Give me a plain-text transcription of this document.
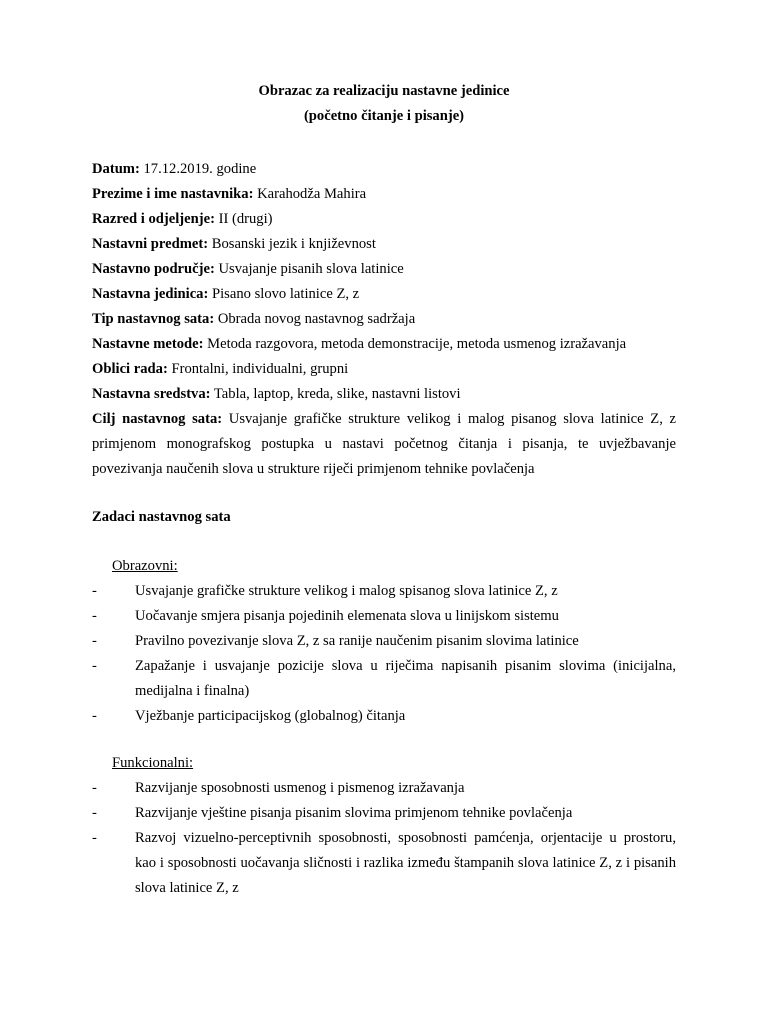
Obrazac za realizaciju nastavne jedinice

(početno čitanje i pisanje)

Datum: 17.12.2019. godine

Prezime i ime nastavnika: Karahodža Mahira

Razred i odjeljenje: II (drugi)

Nastavni predmet: Bosanski jezik i književnost

Nastavno područje: Usvajanje pisanih slova latinice

Nastavna jedinica: Pisano slovo latinice Z, z

Tip nastavnog sata: Obrada novog nastavnog sadržaja

Nastavne metode: Metoda razgovora, metoda demonstracije, metoda usmenog izražavanja

Oblici rada: Frontalni, individualni, grupni

Nastavna sredstva: Tabla, laptop, kreda, slike, nastavni listovi

Cilj nastavnog sata: Usvajanje grafičke strukture velikog i malog pisanog slova latinice Z, z primjenom monografskog postupka u nastavi početnog čitanja i pisanja, te uvježbavanje povezivanja naučenih slova u strukture riječi primjenom tehnike povlačenja

Zadaci nastavnog sata

Obrazovni:
-	Usvajanje grafičke strukture velikog i malog spisanog slova latinice Z, z
-	Uočavanje smjera pisanja pojedinih elemenata slova u linijskom sistemu
-	Pravilno povezivanje slova Z, z sa ranije naučenim pisanim slovima latinice
-	Zapažanje i usvajanje pozicije slova u riječima napisanih pisanim slovima (inicijalna, medijalna i finalna)
-	Vježbanje participacijskog (globalnog) čitanja
Funkcionalni:
-	Razvijanje sposobnosti usmenog i pismenog izražavanja
-	Razvijanje vještine pisanja pisanim slovima primjenom tehnike povlačenja
-	Razvoj vizuelno-perceptivnih sposobnosti, sposobnosti pamćenja, orjentacije u prostoru, kao i sposobnosti uočavanja sličnosti i razlika između štampanih slova latinice Z, z i pisanih slova latinice Z, z
